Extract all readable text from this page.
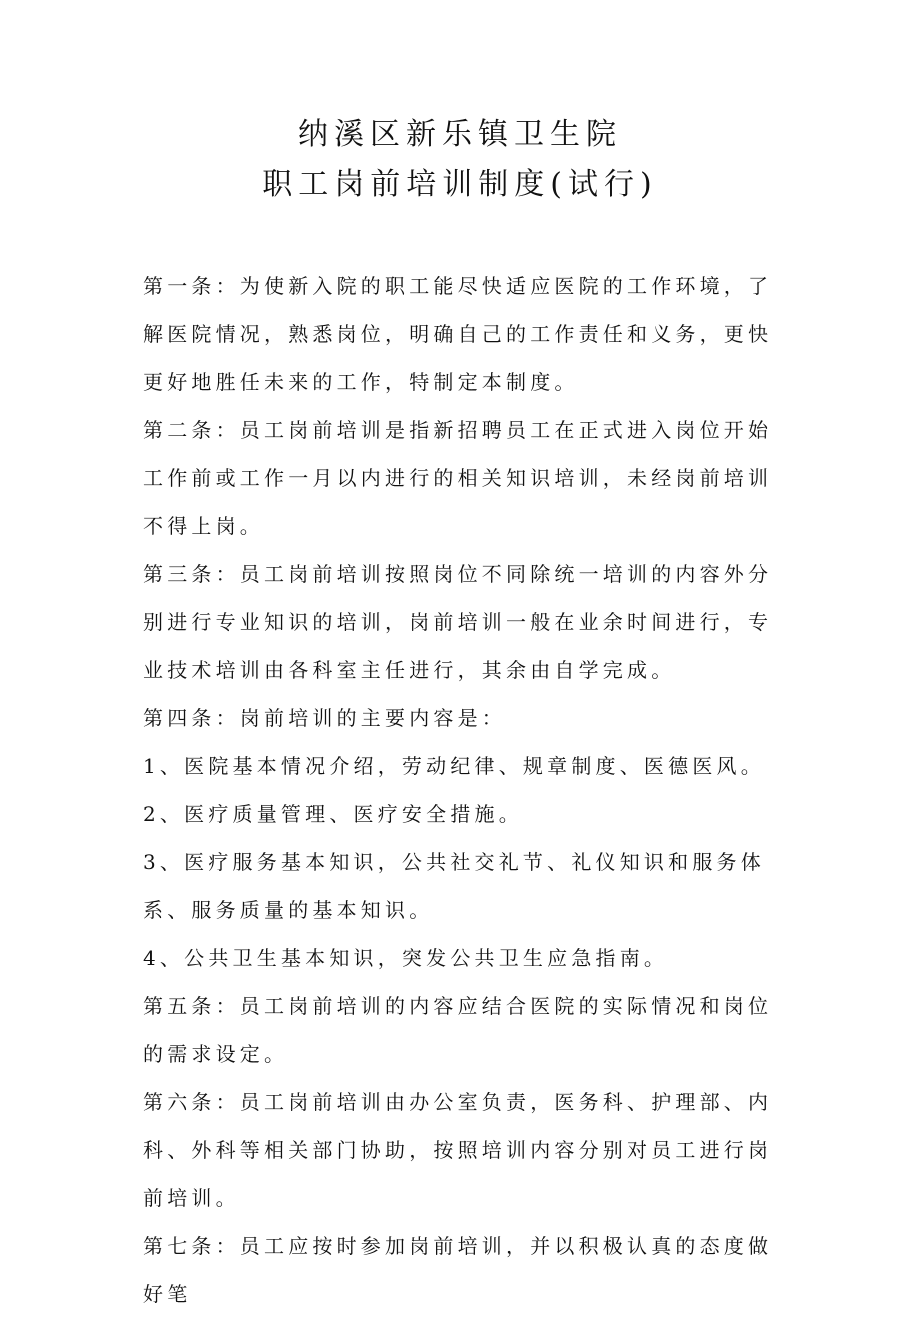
纳溪区新乐镇卫生院
职工岗前培训制度(试行)

第一条：为使新入院的职工能尽快适应医院的工作环境，了解医院情况，熟悉岗位，明确自己的工作责任和义务，更快更好地胜任未来的工作，特制定本制度。

第二条：员工岗前培训是指新招聘员工在正式进入岗位开始工作前或工作一月以内进行的相关知识培训，未经岗前培训不得上岗。

第三条：员工岗前培训按照岗位不同除统一培训的内容外分别进行专业知识的培训，岗前培训一般在业余时间进行，专业技术培训由各科室主任进行，其余由自学完成。

第四条：岗前培训的主要内容是：

1、医院基本情况介绍，劳动纪律、规章制度、医德医风。

2、医疗质量管理、医疗安全措施。

3、医疗服务基本知识，公共社交礼节、礼仪知识和服务体系、服务质量的基本知识。

4、公共卫生基本知识，突发公共卫生应急指南。

第五条：员工岗前培训的内容应结合医院的实际情况和岗位的需求设定。

第六条：员工岗前培训由办公室负责，医务科、护理部、内科、外科等相关部门协助，按照培训内容分别对员工进行岗前培训。

第七条：员工应按时参加岗前培训，并以积极认真的态度做好笔
